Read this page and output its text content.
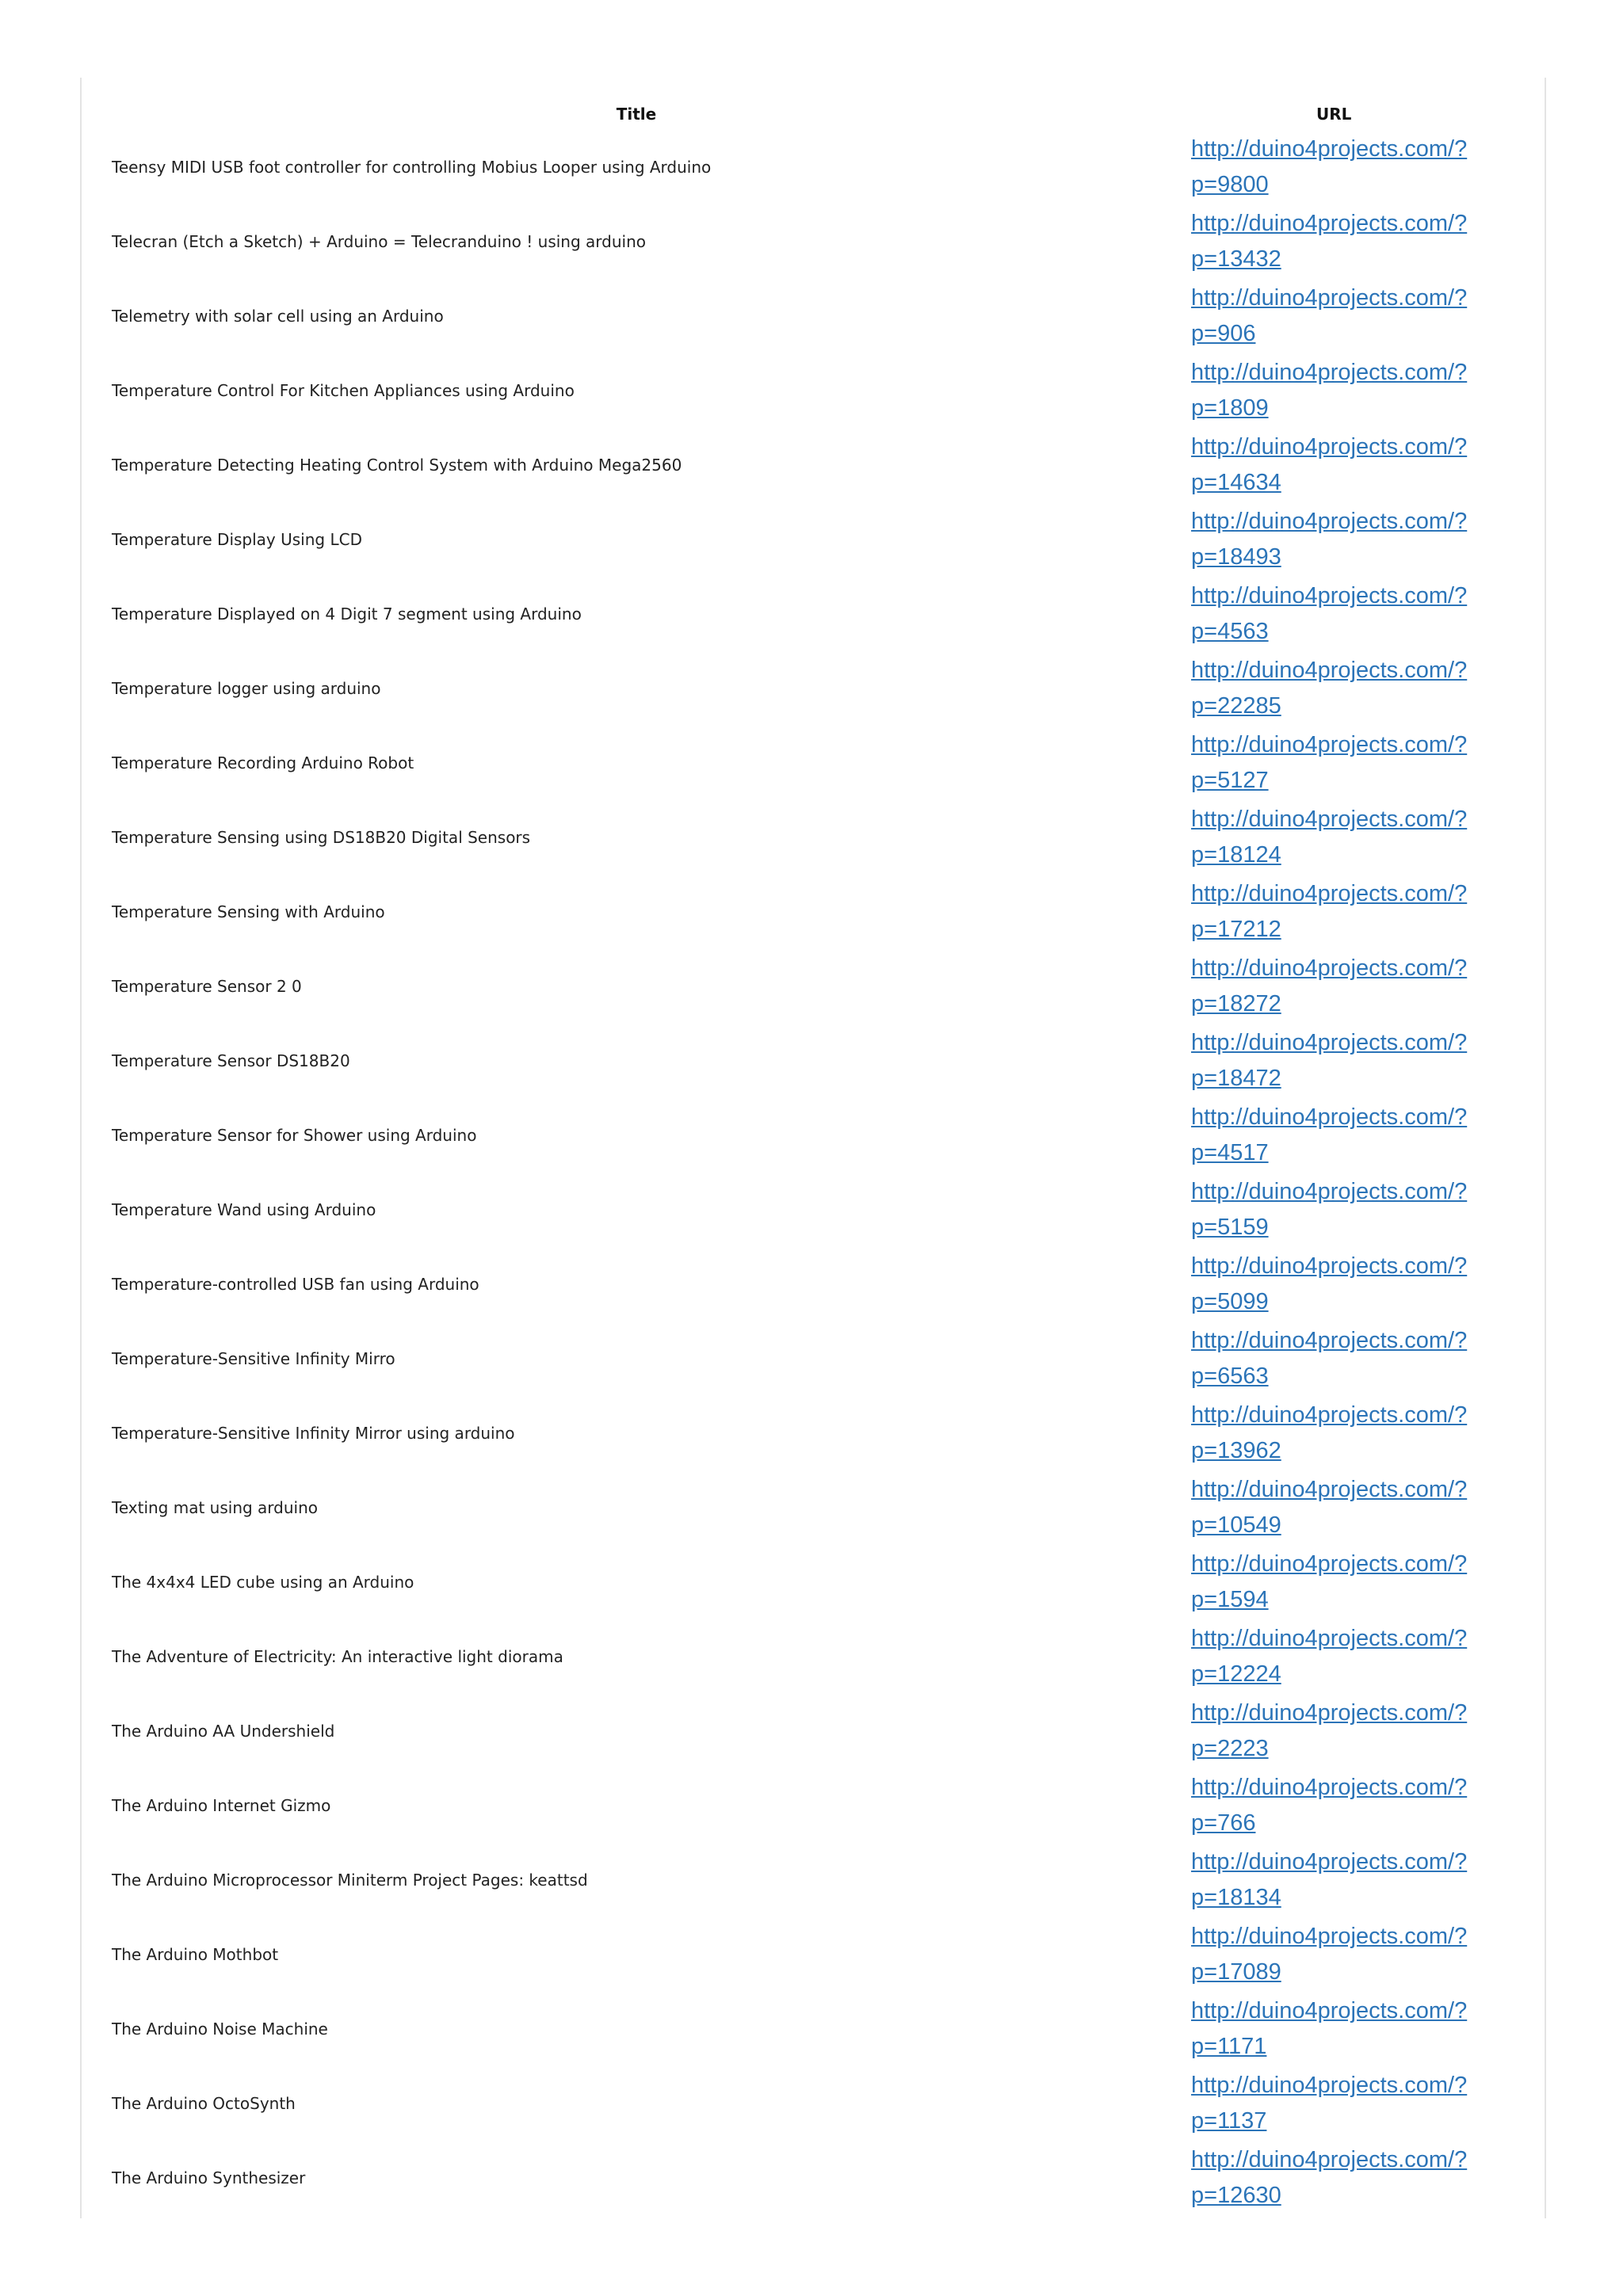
Title	URL
Teensy MIDI USB foot controller for controlling Mobius Looper using Arduino	http://duino4projects.com/?p=9800

Telecran (Etch a Sketch) + Arduino = Telecranduino ! using arduino	http://duino4projects.com/?p=13432

Telemetry with solar cell using an Arduino	http://duino4projects.com/?p=906

Temperature Control For Kitchen Appliances using Arduino	http://duino4projects.com/?p=1809

Temperature Detecting Heating Control System with Arduino Mega2560	http://duino4projects.com/?p=14634

Temperature Display Using LCD	http://duino4projects.com/?p=18493

Temperature Displayed on 4 Digit 7 segment using Arduino	http://duino4projects.com/?p=4563

Temperature logger using arduino	http://duino4projects.com/?p=22285

Temperature Recording Arduino Robot	http://duino4projects.com/?p=5127

Temperature Sensing using DS18B20 Digital Sensors	http://duino4projects.com/?p=18124

Temperature Sensing with Arduino	http://duino4projects.com/?p=17212

Temperature Sensor 2 0	http://duino4projects.com/?p=18272

Temperature Sensor DS18B20	http://duino4projects.com/?p=18472

Temperature Sensor for Shower using Arduino	http://duino4projects.com/?p=4517

Temperature Wand using Arduino	http://duino4projects.com/?p=5159

Temperature-controlled USB fan using Arduino	http://duino4projects.com/?p=5099

Temperature-Sensitive Infinity Mirro	http://duino4projects.com/?p=6563

Temperature-Sensitive Infinity Mirror using arduino	http://duino4projects.com/?p=13962

Texting mat using arduino	http://duino4projects.com/?p=10549

The 4x4x4 LED cube using an Arduino	http://duino4projects.com/?p=1594

The Adventure of Electricity: An interactive light diorama	http://duino4projects.com/?p=12224

The Arduino AA Undershield	http://duino4projects.com/?p=2223

The Arduino Internet Gizmo	http://duino4projects.com/?p=766

The Arduino Microprocessor Miniterm Project Pages: keattsd	http://duino4projects.com/?p=18134

The Arduino Mothbot	http://duino4projects.com/?p=17089

The Arduino Noise Machine	http://duino4projects.com/?p=1171

The Arduino OctoSynth	http://duino4projects.com/?p=1137

The Arduino Synthesizer	http://duino4projects.com/?p=12630
